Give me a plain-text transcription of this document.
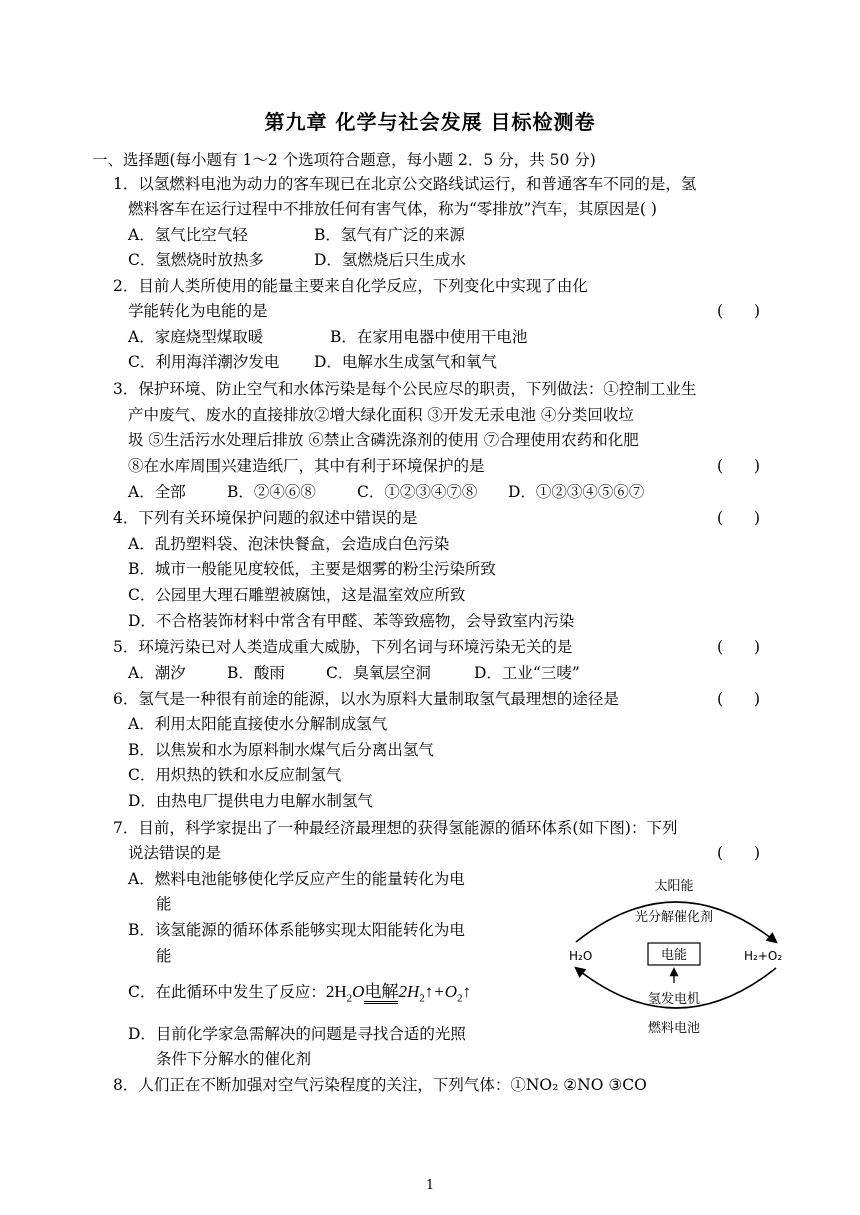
第九章 化学与社会发展 目标检测卷
一、选择题(每小题有 1～2 个选项符合题意，每小题 2．5 分，共 50 分)
1．以氢燃料电池为动力的客车现已在北京公交路线试运行，和普通客车不同的是，氢
燃料客车在运行过程中不排放任何有害气体，称为“零排放”汽车，其原因是( )
A．氢气比空气轻	B．氢气有广泛的来源
C．氢燃烧时放热多	D．氢燃烧后只生成水
2．目前人类所使用的能量主要来自化学反应，下列变化中实现了由化
学能转化为电能的是	(　　)
A．家庭烧型煤取暖	B．在家用电器中使用干电池
C．利用海洋潮汐发电 D．电解水生成氢气和氧气
3．保护环境、防止空气和水体污染是每个公民应尽的职责，下列做法：①控制工业生
产中废气、废水的直接排放②增大绿化面积 ③开发无汞电池 ④分类回收垃
圾 ⑤生活污水处理后排放 ⑥禁止含磷洗涤剂的使用 ⑦合理使用农药和化肥
⑧在水库周围兴建造纸厂，其中有利于环境保护的是	(　　)
A．全部	B．②④⑥⑧	C．①②③④⑦⑧ D．①②③④⑤⑥⑦
4．下列有关环境保护问题的叙述中错误的是	(　　)
A．乱扔塑料袋、泡沫快餐盒，会造成白色污染
B．城市一般能见度较低，主要是烟雾的粉尘污染所致
C．公园里大理石雕塑被腐蚀，这是温室效应所致
D．不合格装饰材料中常含有甲醛、苯等致癌物，会导致室内污染
5．环境污染已对人类造成重大威胁，下列名词与环境污染无关的是	(　　)
A．潮汐	B．酸雨	C．臭氧层空洞	D．工业“三唛”
6．氢气是一种很有前途的能源，以水为原料大量制取氢气最理想的途径是	(　　)
A．利用太阳能直接使水分解制成氢气
B．以焦炭和水为原料制水煤气后分离出氢气
C．用炽热的铁和水反应制氢气
D．由热电厂提供电力电解水制氢气
7．目前，科学家提出了一种最经济最理想的获得氢能源的循环体系(如下图)：下列
说法错误的是	(　　)
A．燃料电池能够使化学反应产生的能量转化为电
能
B．该氢能源的循环体系能够实现太阳能转化为电
能
C．在此循环中发生了反应：$2H_2O$电解$2H_2↑+O_2↑$
D．目前化学家急需解决的问题是寻找合适的光照
条件下分解水的催化剂
太阳能
光分解催化剂
H₂O	H₂+O₂
电能
氢发电机
燃料电池
8．人们正在不断加强对空气污染程度的关注，下列气体：①NO₂ ②NO ③CO
1
